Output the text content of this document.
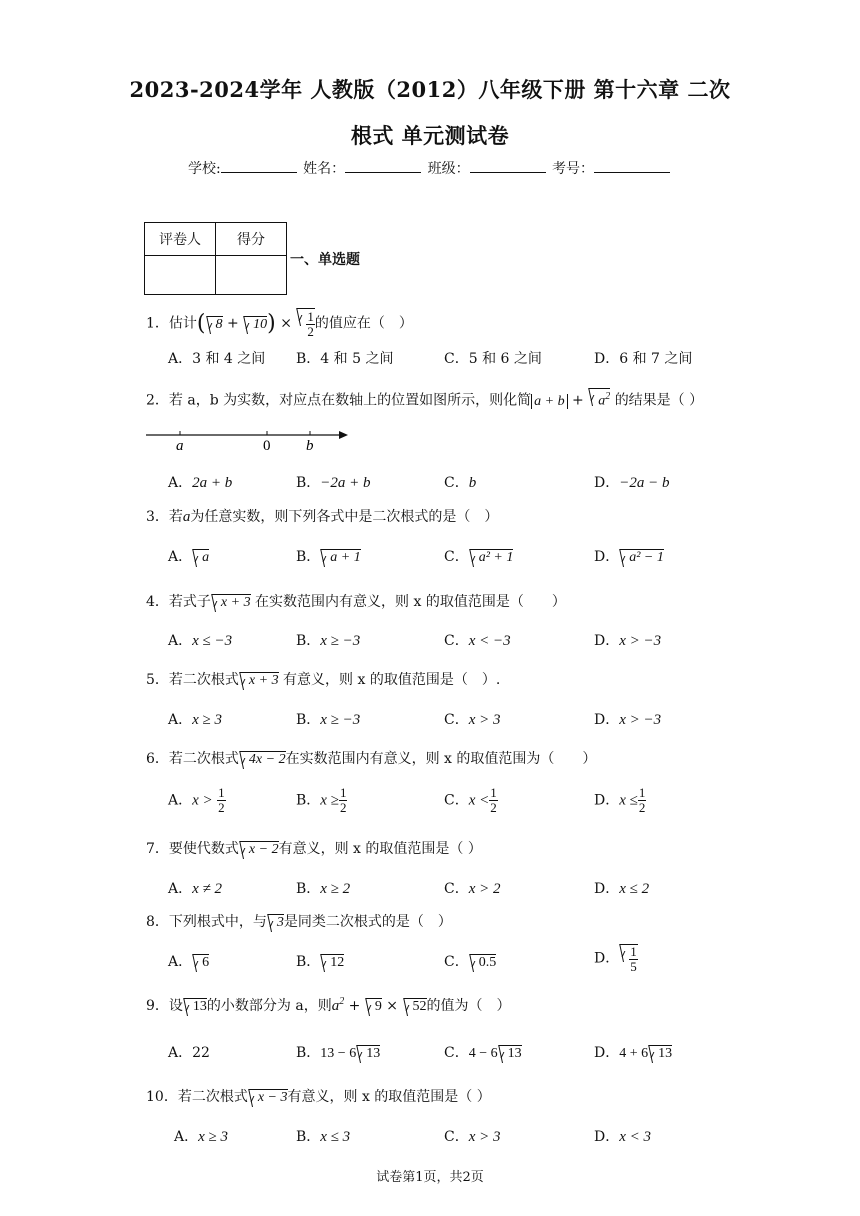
2023-2024学年 人教版（2012）八年级下册 第十六章 二次
根式 单元测试卷
学校:	姓名：	班级：	考号：
评卷人	得分

一、单选题
1．估计( $8 + 10) \times \frac{1}{2}$ 的值应在（　）
A．3 和 4 之间 B．4 和 5 之间	C．5 和 6 之间	D．6 和 7 之间
2．若 a，b 为实数，对应点在数轴上的位置如图所示，则化简 $a + b + a^2$ 的结果是（ ）
a	0 b
A．2a + b	B．−2a + b	C．b	D．−2a − b
3．若a为任意实数，则下列各式中是二次根式的是（　）
A． a	B． a + 1	C． a² + 1	D． a² − 1
4．若式子 x + 3 在实数范围内有意义，则 x 的取值范围是（　　）
A．x ≤ −3	B．x ≥ −3	C．x < −3	D．x > −3
5．若二次根式 x + 3 有意义，则 x 的取值范围是（　）.
A．x ≥ 3	B．x ≥ −3	C．x > 3	D．x > −3
6．若二次根式 4x − 2在实数范围内有意义，则 x 的取值范围为（　　）
A．$x > \frac{1}{2}$	B．$x \ge \frac{1}{2}$	C．$x < \frac{1}{2}$	D．$x \le \frac{1}{2}$
7．要使代数式 x − 2有意义，则 x 的取值范围是（ ）
A．x ≠ 2	B．x ≥ 2	C．x > 2	D．x ≤ 2
8．下列根式中，与 3是同类二次根式的是（　）
A． 6	B． 12	C． 0.5	D． $\frac{1}{5}$
9．设 13的小数部分为 a，则$a^2 + 9 \times 52$的值为（　）
A．22	B．13 − 6 13	C．4 − 6 13	D．4 + 6 13
10．若二次根式 x − 3有意义，则 x 的取值范围是（ ）
A．x ≥ 3	B．x ≤ 3	C．x > 3	D．x < 3
试卷第1页，共2页
